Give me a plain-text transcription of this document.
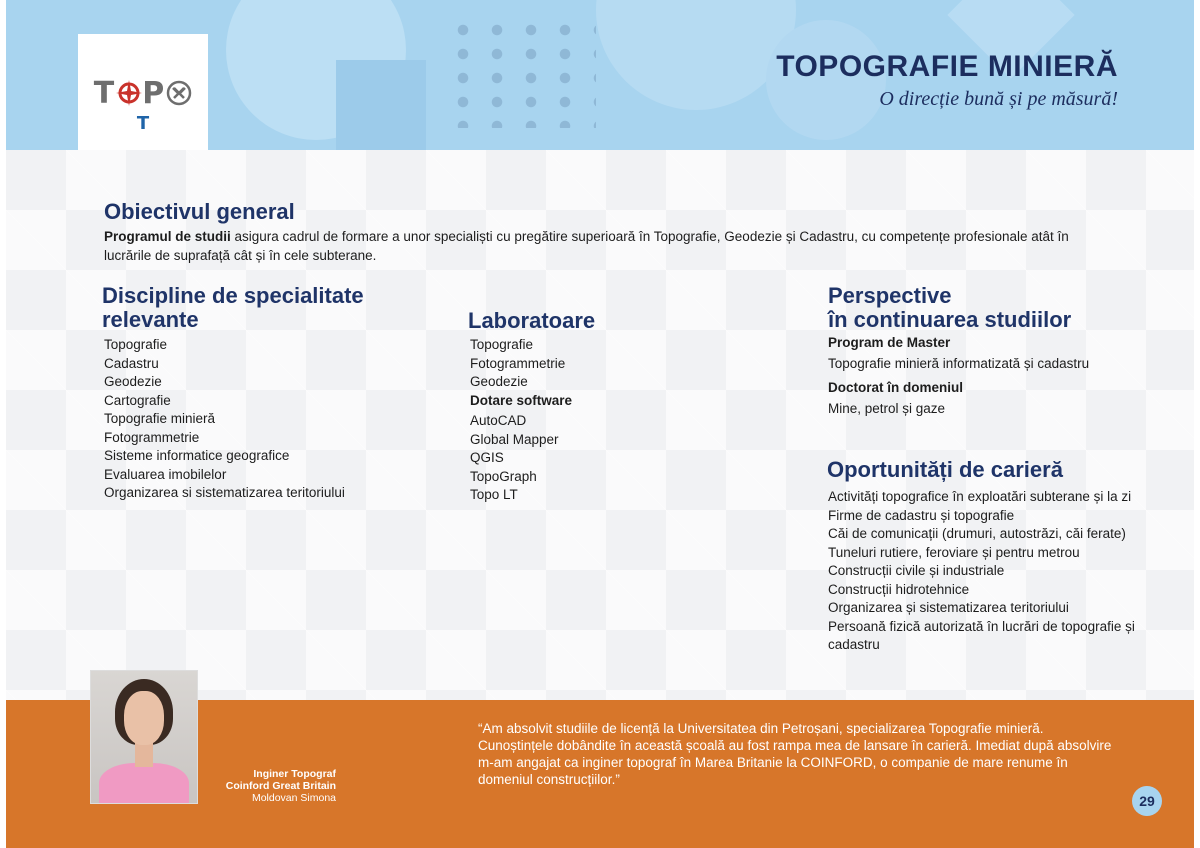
T P
T
TOPOGRAFIE MINIERĂ
O direcție bună și pe măsură!
Obiectivul general
Programul de studii asigura cadrul de formare a unor specialiști cu pregătire superioară în Topografie, Geodezie și Cadastru, cu competențe profesionale atât în lucrările de suprafață cât și în cele subterane.
Discipline de specialitate
relevante
Topografie
Cadastru
Geodezie
Cartografie
Topografie minieră
Fotogrammetrie
Sisteme informatice geografice
Evaluarea imobilelor
Organizarea si sistematizarea teritoriului
Laboratoare
Topografie
Fotogrammetrie
Geodezie
Dotare software
AutoCAD
Global Mapper
QGIS
TopoGraph
Topo LT
Perspective
în continuarea studiilor
Program de Master
Topografie minieră informatizată și cadastru
Doctorat în domeniul
Mine, petrol și gaze
Oportunități de carieră
Activități topografice în exploatări subterane și la zi
Firme de cadastru și topografie
Căi de comunicații (drumuri, autostrăzi, căi ferate)
Tuneluri rutiere, feroviare și pentru metrou
Construcții civile și industriale
Construcții hidrotehnice
Organizarea și sistematizarea teritoriului
Persoană fizică autorizată în lucrări de topografie și cadastru
Inginer Topograf
Coinford Great Britain
Moldovan Simona
“Am absolvit studiile de licență la Universitatea din Petroșani, specializarea Topografie minieră. Cunoștințele dobândite în această școală au fost rampa mea de lansare în carieră. Imediat după absolvire m-am angajat ca inginer topograf în Marea Britanie la COINFORD, o companie de mare renume în domeniul construcțiilor.”
29
